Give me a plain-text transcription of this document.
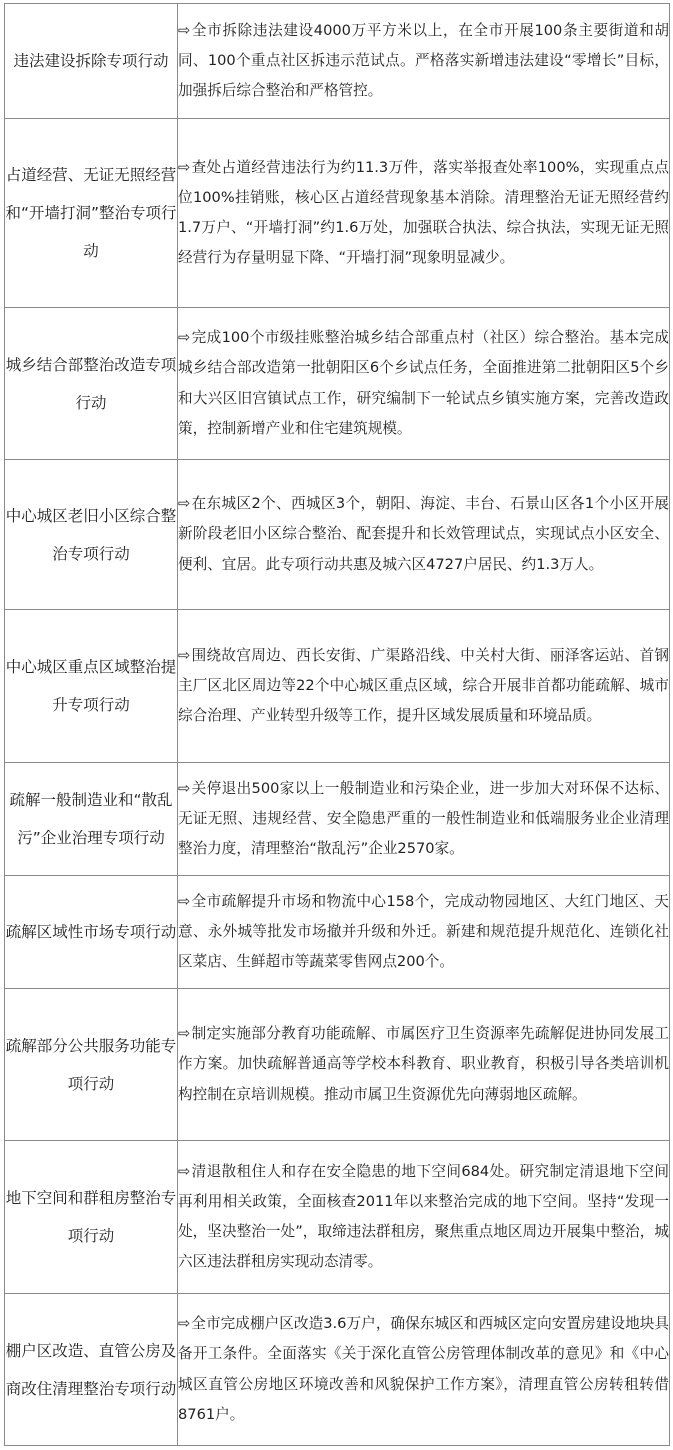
违法建设拆除专项行动	⇨全市拆除违法建设4000万平方米以上，在全市开展100条主要街道和胡同、100个重点社区拆违示范试点。严格落实新增违法建设“零增长”目标，加强拆后综合整治和严格管控。
占道经营、无证无照经营和“开墙打洞”整治专项行动	⇨查处占道经营违法行为约11.3万件，落实举报查处率100%，实现重点点位100%挂销账，核心区占道经营现象基本消除。清理整治无证无照经营约1.7万户、“开墙打洞”约1.6万处，加强联合执法、综合执法，实现无证无照经营行为存量明显下降、“开墙打洞”现象明显减少。
城乡结合部整治改造专项行动	⇨完成100个市级挂账整治城乡结合部重点村（社区）综合整治。基本完成城乡结合部改造第一批朝阳区6个乡试点任务，全面推进第二批朝阳区5个乡和大兴区旧宫镇试点工作，研究编制下一轮试点乡镇实施方案，完善改造政策，控制新增产业和住宅建筑规模。
中心城区老旧小区综合整治专项行动	⇨在东城区2个、西城区3个，朝阳、海淀、丰台、石景山区各1个小区开展新阶段老旧小区综合整治、配套提升和长效管理试点，实现试点小区安全、便利、宜居。此专项行动共惠及城六区4727户居民、约1.3万人。
中心城区重点区域整治提升专项行动	⇨围绕故宫周边、西长安街、广渠路沿线、中关村大街、丽泽客运站、首钢主厂区北区周边等22个中心城区重点区域，综合开展非首都功能疏解、城市综合治理、产业转型升级等工作，提升区域发展质量和环境品质。
疏解一般制造业和“散乱污”企业治理专项行动	⇨关停退出500家以上一般制造业和污染企业，进一步加大对环保不达标、无证无照、违规经营、安全隐患严重的一般性制造业和低端服务业企业清理整治力度，清理整治“散乱污”企业2570家。
疏解区域性市场专项行动	⇨全市疏解提升市场和物流中心158个，完成动物园地区、大红门地区、天意、永外城等批发市场撤并升级和外迁。新建和规范提升规范化、连锁化社区菜店、生鲜超市等蔬菜零售网点200个。
疏解部分公共服务功能专项行动	⇨制定实施部分教育功能疏解、市属医疗卫生资源率先疏解促进协同发展工作方案。加快疏解普通高等学校本科教育、职业教育，积极引导各类培训机构控制在京培训规模。推动市属卫生资源优先向薄弱地区疏解。
地下空间和群租房整治专项行动	⇨清退散租住人和存在安全隐患的地下空间684处。研究制定清退地下空间再利用相关政策，全面核查2011年以来整治完成的地下空间。坚持“发现一处，坚决整治一处”，取缔违法群租房，聚焦重点地区周边开展集中整治，城六区违法群租房实现动态清零。
棚户区改造、直管公房及商改住清理整治专项行动	⇨全市完成棚户区改造3.6万户，确保东城区和西城区定向安置房建设地块具备开工条件。全面落实《关于深化直管公房管理体制改革的意见》和《中心城区直管公房地区环境改善和风貌保护工作方案》，清理直管公房转租转借8761户。
